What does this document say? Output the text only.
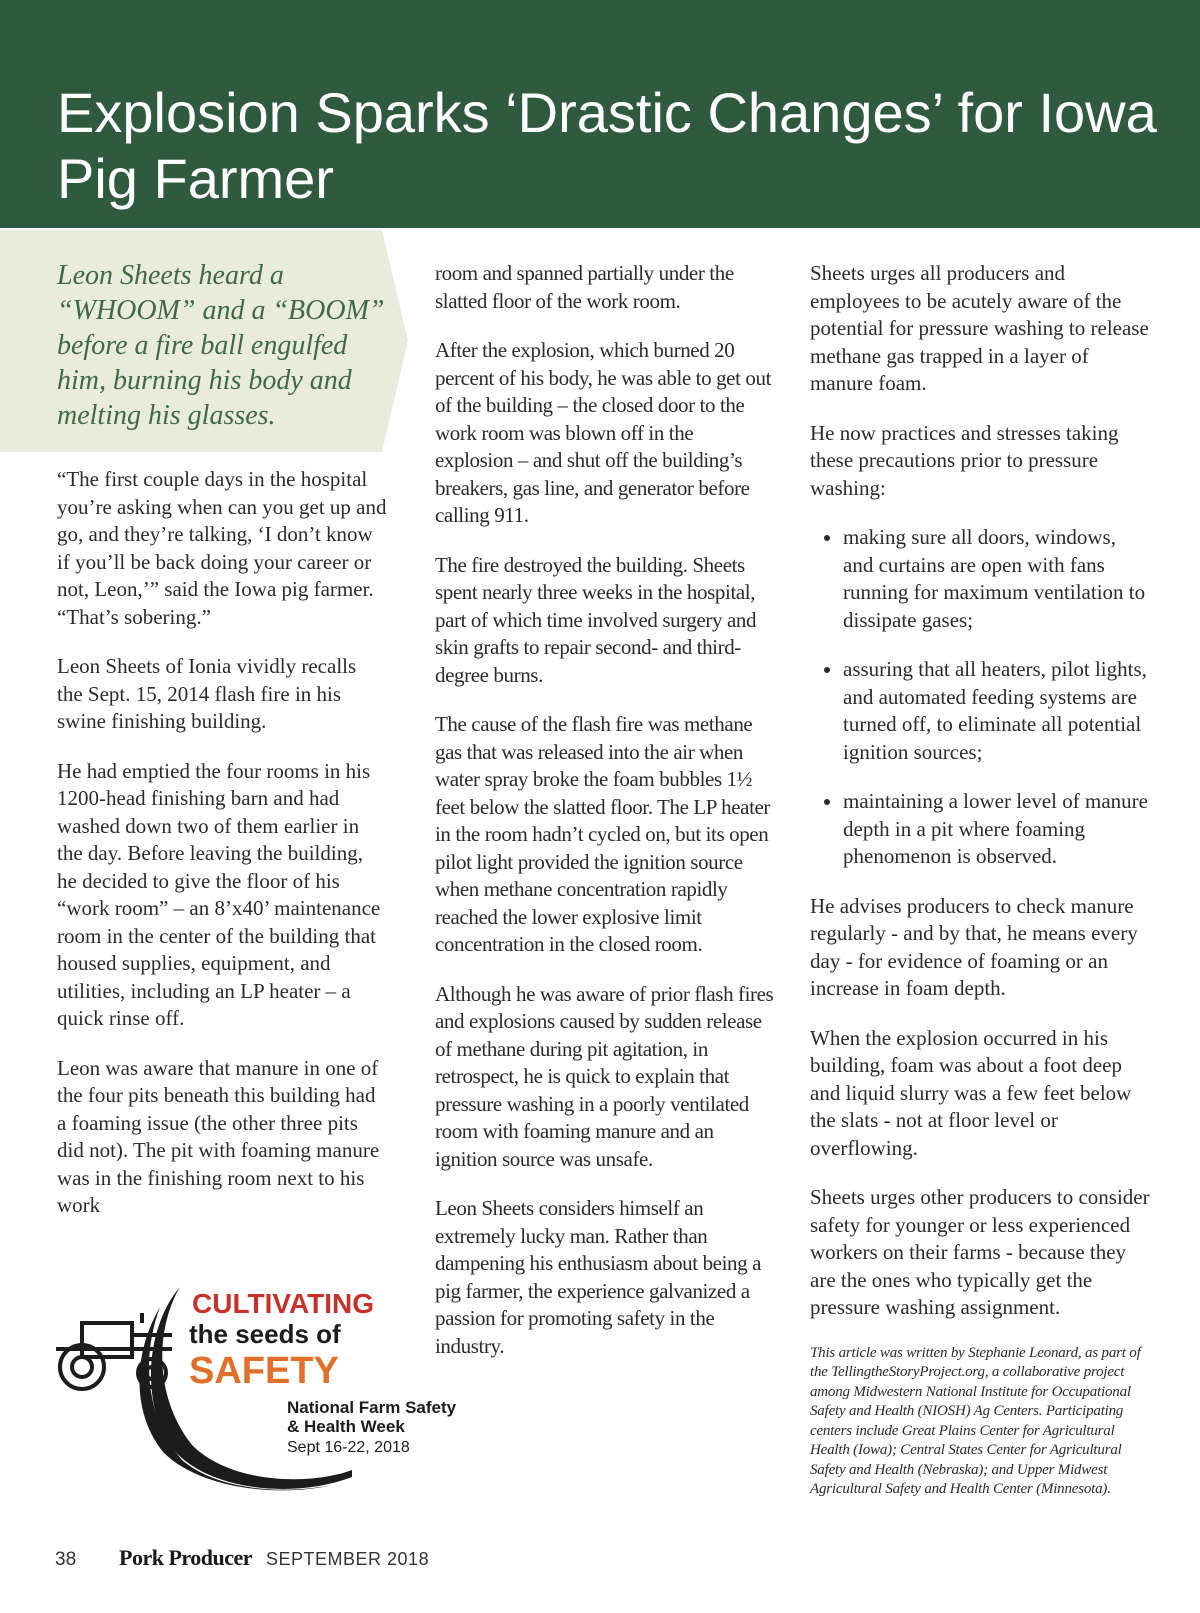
Explosion Sparks ‘Drastic Changes’ for Iowa Pig Farmer

Leon Sheets heard a “WHOOM” and a “BOOM” before a fire ball engulfed him, burning his body and melting his glasses.

“The first couple days in the hospital you’re asking when can you get up and go, and they’re talking, ‘I don’t know if you’ll be back doing your career or not, Leon,’” said the Iowa pig farmer. “That’s sobering.”

Leon Sheets of Ionia vividly recalls the Sept. 15, 2014 flash fire in his swine finishing building.

He had emptied the four rooms in his 1200-head finishing barn and had washed down two of them earlier in the day. Before leaving the building, he decided to give the floor of his “work room” – an 8’x40’ maintenance room in the center of the building that housed supplies, equipment, and utilities, including an LP heater – a quick rinse off.

Leon was aware that manure in one of the four pits beneath this building had a foaming issue (the other three pits did not). The pit with foaming manure was in the finishing room next to his work

room and spanned partially under the slatted floor of the work room.

After the explosion, which burned 20 percent of his body, he was able to get out of the building – the closed door to the work room was blown off in the explosion – and shut off the building’s breakers, gas line, and generator before calling 911.

The fire destroyed the building. Sheets spent nearly three weeks in the hospital, part of which time involved surgery and skin grafts to repair second- and third-degree burns.

The cause of the flash fire was methane gas that was released into the air when water spray broke the foam bubbles 1½ feet below the slatted floor. The LP heater in the room hadn’t cycled on, but its open pilot light provided the ignition source when methane concentration rapidly reached the lower explosive limit concentration in the closed room.

Although he was aware of prior flash fires and explosions caused by sudden release of methane during pit agitation, in retrospect, he is quick to explain that pressure washing in a poorly ventilated room with foaming manure and an ignition source was unsafe.

Leon Sheets considers himself an extremely lucky man. Rather than dampening his enthusiasm about being a pig farmer, the experience galvanized a passion for promoting safety in the industry.

Sheets urges all producers and employees to be acutely aware of the potential for pressure washing to release methane gas trapped in a layer of manure foam.

He now practices and stresses taking these precautions prior to pressure washing:

• making sure all doors, windows, and curtains are open with fans running for maximum ventilation to dissipate gases;
• assuring that all heaters, pilot lights, and automated feeding systems are turned off, to eliminate all potential ignition sources;
• maintaining a lower level of manure depth in a pit where foaming phenomenon is observed.

He advises producers to check manure regularly - and by that, he means every day - for evidence of foaming or an increase in foam depth.

When the explosion occurred in his building, foam was about a foot deep and liquid slurry was a few feet below the slats - not at floor level or overflowing.

Sheets urges other producers to consider safety for younger or less experienced workers on their farms - because they are the ones who typically get the pressure washing assignment.

This article was written by Stephanie Leonard, as part of the TellingtheStoryProject.org, a collaborative project among Midwestern National Institute for Occupational Safety and Health (NIOSH) Ag Centers. Participating centers include Great Plains Center for Agricultural Health (Iowa); Central States Center for Agricultural Safety and Health (Nebraska); and Upper Midwest Agricultural Safety and Health Center (Minnesota).

CULTIVATING
the seeds of
SAFETY
National Farm Safety
& Health Week
Sept 16-22, 2018
38	Pork Producer SEPTEMBER 2018
